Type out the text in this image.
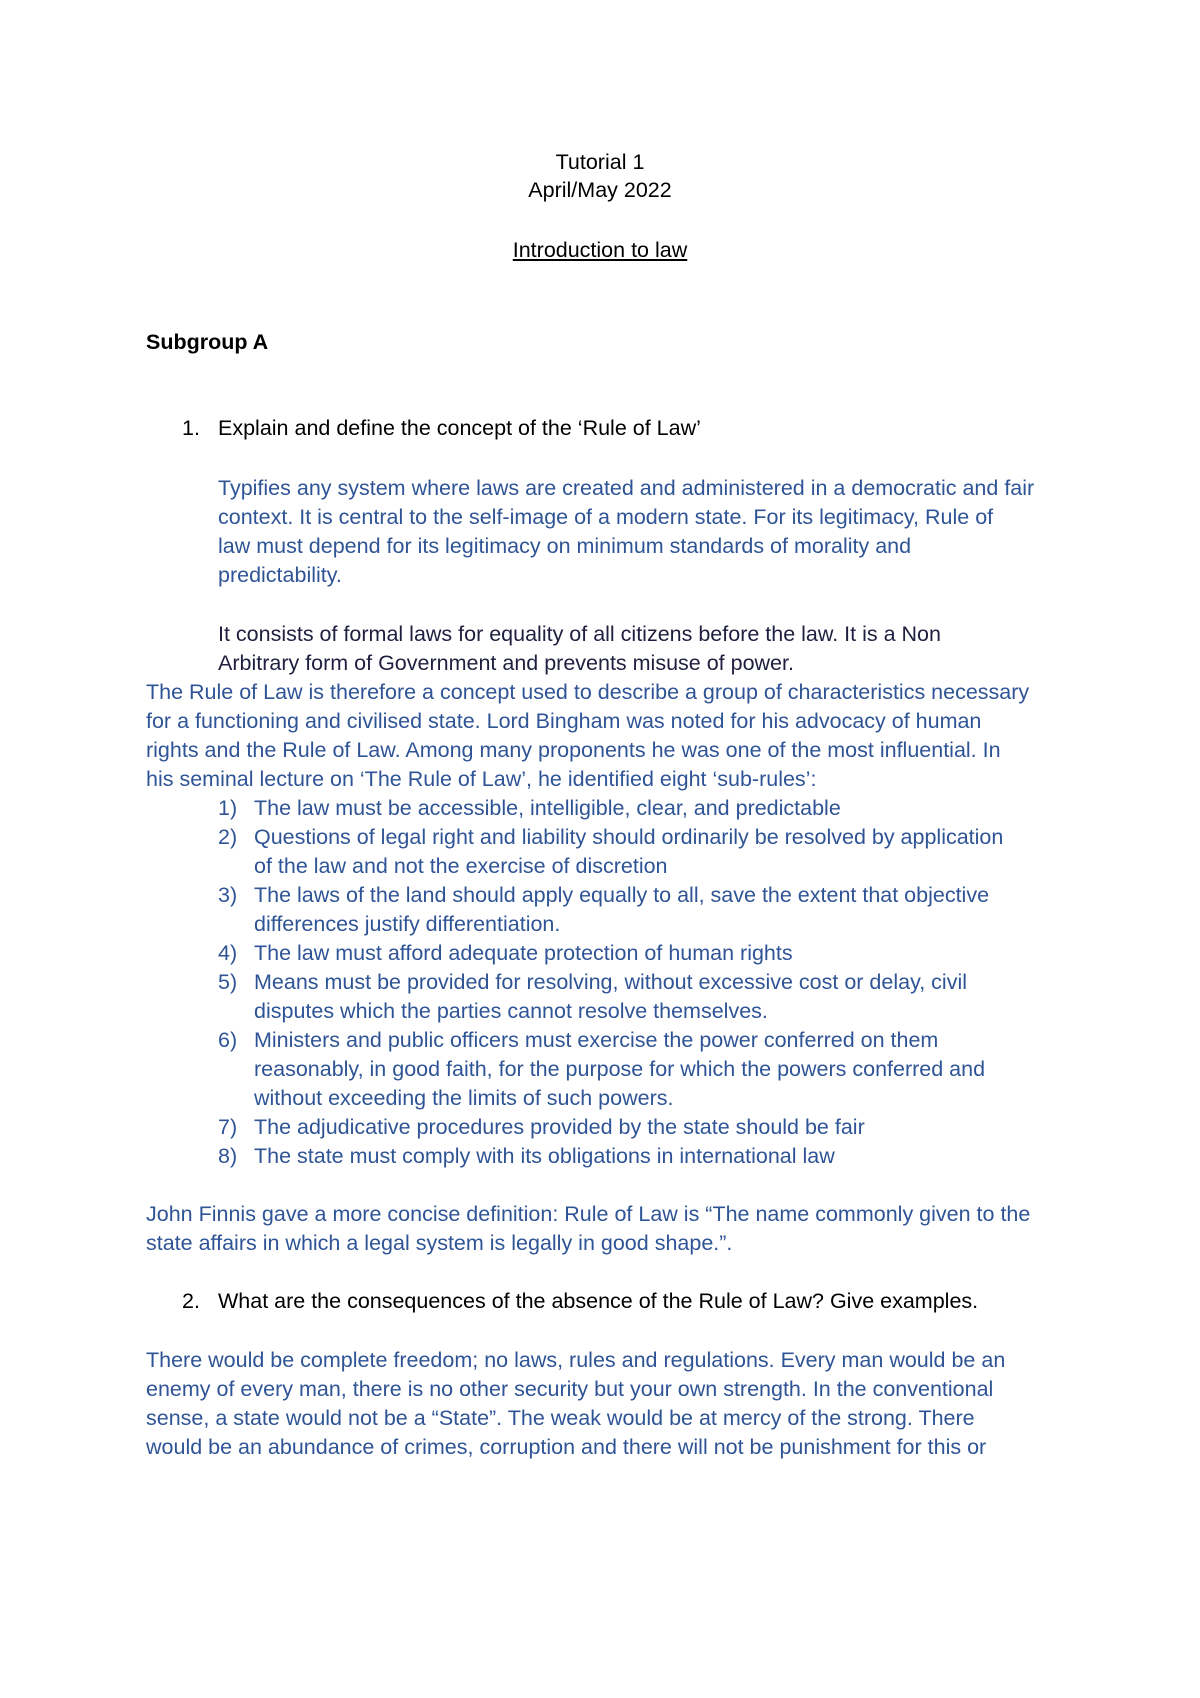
Tutorial 1
April/May 2022
Introduction to law
Subgroup A
1. Explain and define the concept of the ‘Rule of Law’
Typifies any system where laws are created and administered in a democratic and fair
context. It is central to the self-image of a modern state. For its legitimacy, Rule of
law must depend for its legitimacy on minimum standards of morality and
predictability.
It consists of formal laws for equality of all citizens before the law. It is a Non
Arbitrary form of Government and prevents misuse of power.
The Rule of Law is therefore a concept used to describe a group of characteristics necessary
for a functioning and civilised state. Lord Bingham was noted for his advocacy of human
rights and the Rule of Law. Among many proponents he was one of the most influential. In
his seminal lecture on ‘The Rule of Law’, he identified eight ‘sub-rules’:
1) The law must be accessible, intelligible, clear, and predictable
2) Questions of legal right and liability should ordinarily be resolved by application
of the law and not the exercise of discretion
3) The laws of the land should apply equally to all, save the extent that objective
differences justify differentiation.
4) The law must afford adequate protection of human rights
5) Means must be provided for resolving, without excessive cost or delay, civil
disputes which the parties cannot resolve themselves.
6) Ministers and public officers must exercise the power conferred on them
reasonably, in good faith, for the purpose for which the powers conferred and
without exceeding the limits of such powers.
7) The adjudicative procedures provided by the state should be fair
8) The state must comply with its obligations in international law
John Finnis gave a more concise definition: Rule of Law is “The name commonly given to the
state affairs in which a legal system is legally in good shape.”.
2. What are the consequences of the absence of the Rule of Law? Give examples.
There would be complete freedom; no laws, rules and regulations. Every man would be an
enemy of every man, there is no other security but your own strength. In the conventional
sense, a state would not be a “State”. The weak would be at mercy of the strong. There
would be an abundance of crimes, corruption and there will not be punishment for this or
